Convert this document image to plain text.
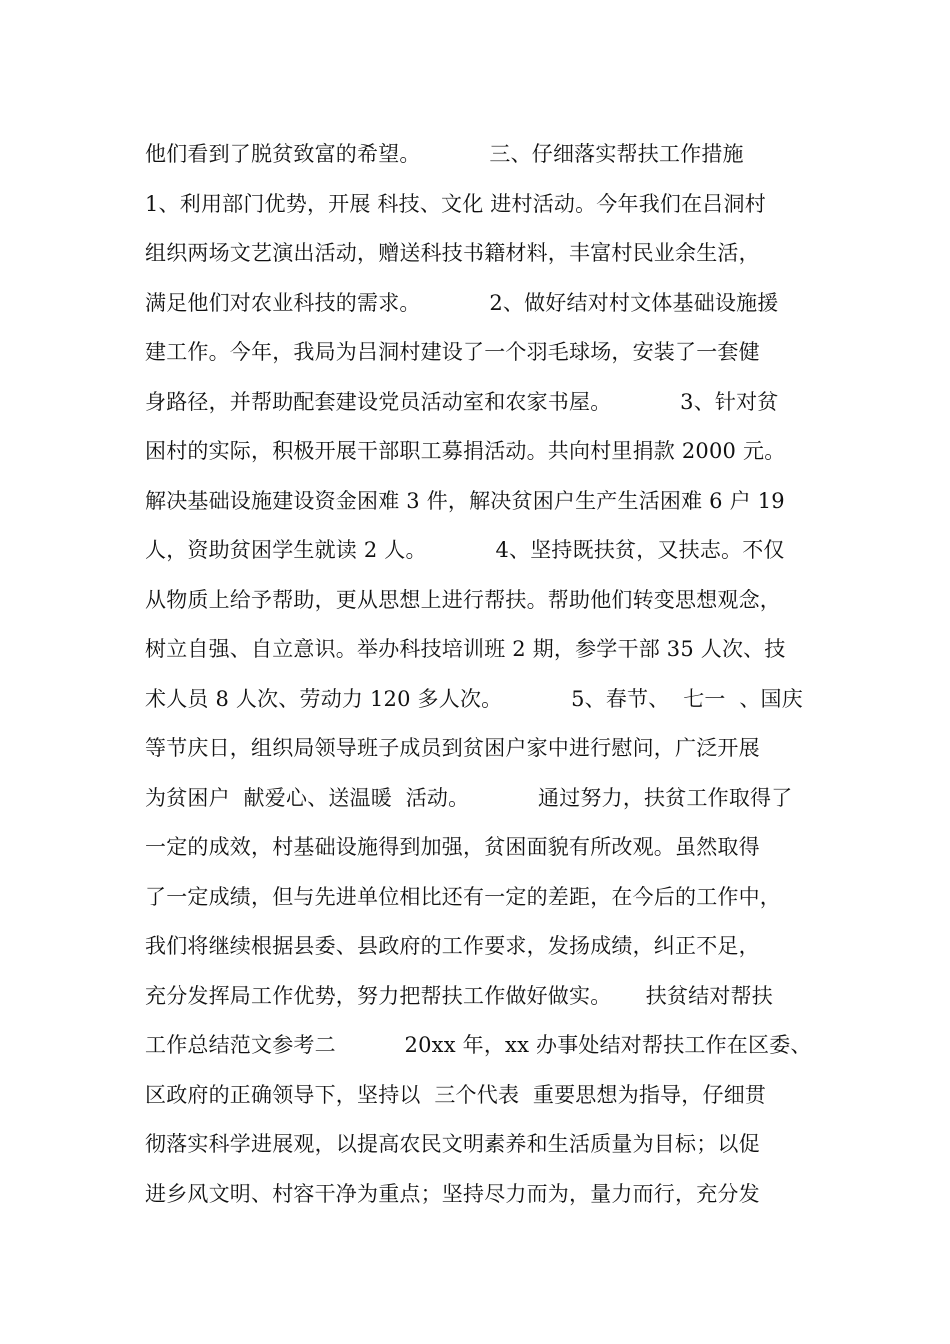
他们看到了脱贫致富的希望。          三、仔细落实帮扶工作措施
1、利用部门优势，开展 科技、文化 进村活动。今年我们在吕洞村
组织两场文艺演出活动，赠送科技书籍材料，丰富村民业余生活，
满足他们对农业科技的需求。          2、做好结对村文体基础设施援
建工作。今年，我局为吕洞村建设了一个羽毛球场，安装了一套健
身路径，并帮助配套建设党员活动室和农家书屋。          3、针对贫
困村的实际，积极开展干部职工募捐活动。共向村里捐款 2000 元。
解决基础设施建设资金困难 3 件，解决贫困户生产生活困难 6 户 19
人，资助贫困学生就读 2 人。          4、坚持既扶贫，又扶志。不仅
从物质上给予帮助，更从思想上进行帮扶。帮助他们转变思想观念，
树立自强、自立意识。举办科技培训班 2 期，参学干部 35 人次、技
术人员 8 人次、劳动力 120 多人次。          5、春节、  七一  、国庆
等节庆日，组织局领导班子成员到贫困户家中进行慰问，广泛开展
为贫困户  献爱心、送温暖  活动。          通过努力，扶贫工作取得了
一定的成效，村基础设施得到加强，贫困面貌有所改观。虽然取得
了一定成绩，但与先进单位相比还有一定的差距，在今后的工作中，
我们将继续根据县委、县政府的工作要求，发扬成绩，纠正不足，
充分发挥局工作优势，努力把帮扶工作做好做实。     扶贫结对帮扶
工作总结范文参考二          20xx 年，xx 办事处结对帮扶工作在区委、
区政府的正确领导下，坚持以  三个代表  重要思想为指导，仔细贯
彻落实科学进展观，以提高农民文明素养和生活质量为目标；以促
进乡风文明、村容干净为重点；坚持尽力而为，量力而行，充分发
